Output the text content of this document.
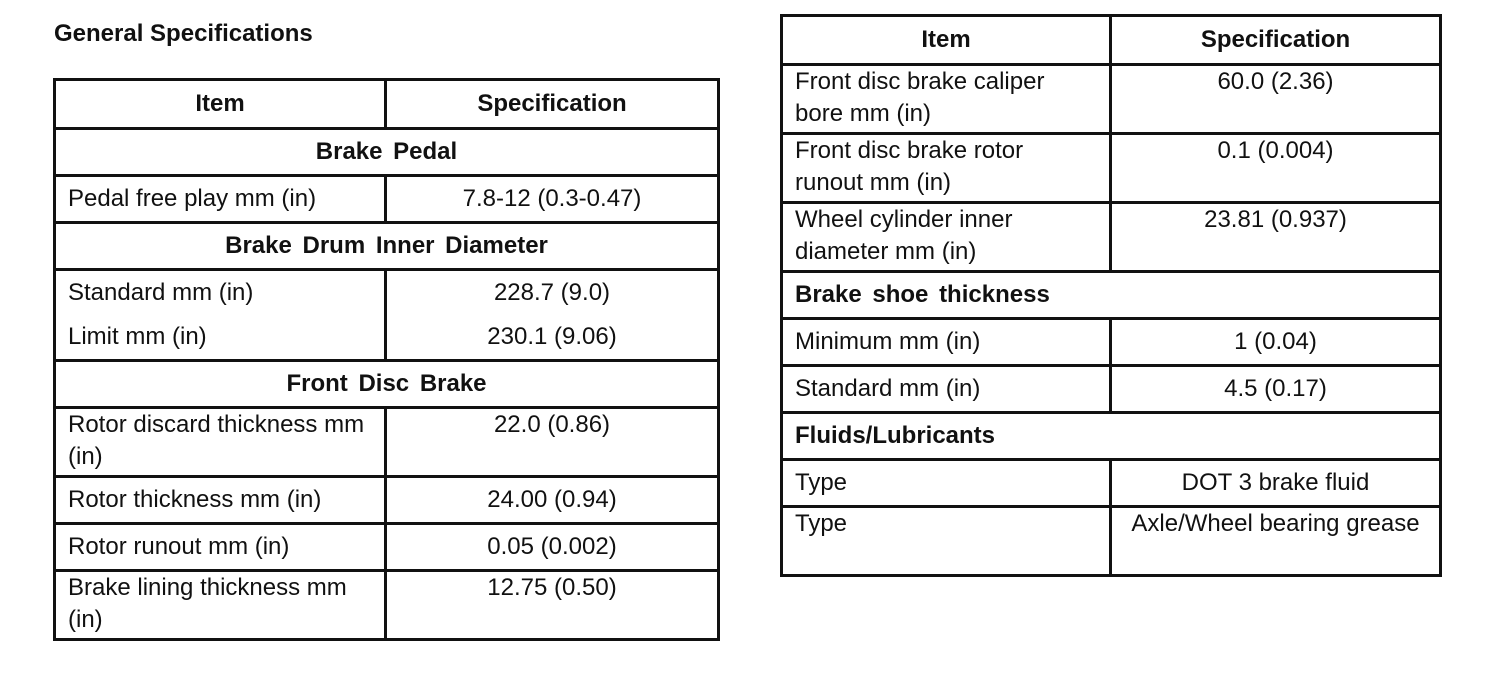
General Specifications
Item	Specification
Brake Pedal	
Pedal free play mm (in)	7.8-12 (0.3-0.47)
Brake Drum Inner Diameter	
Standard mm (in)	228.7 (9.0)
Limit mm (in)	230.1 (9.06)
Front Disc Brake	
Rotor discard thickness mm (in)	22.0 (0.86)
Rotor thickness mm (in)	24.00 (0.94)
Rotor runout mm (in)	0.05 (0.002)
Brake lining thickness mm (in)	12.75 (0.50)
Item	Specification
Front disc brake caliper bore mm (in)	60.0 (2.36)
Front disc brake rotor runout mm (in)	0.1 (0.004)
Wheel cylinder inner diameter mm (in)	23.81 (0.937)
Brake shoe thickness	
Minimum mm (in)	1 (0.04)
Standard mm (in)	4.5 (0.17)
Fluids/Lubricants	
Type	DOT 3 brake fluid
Type	Axle/Wheel bearing grease
